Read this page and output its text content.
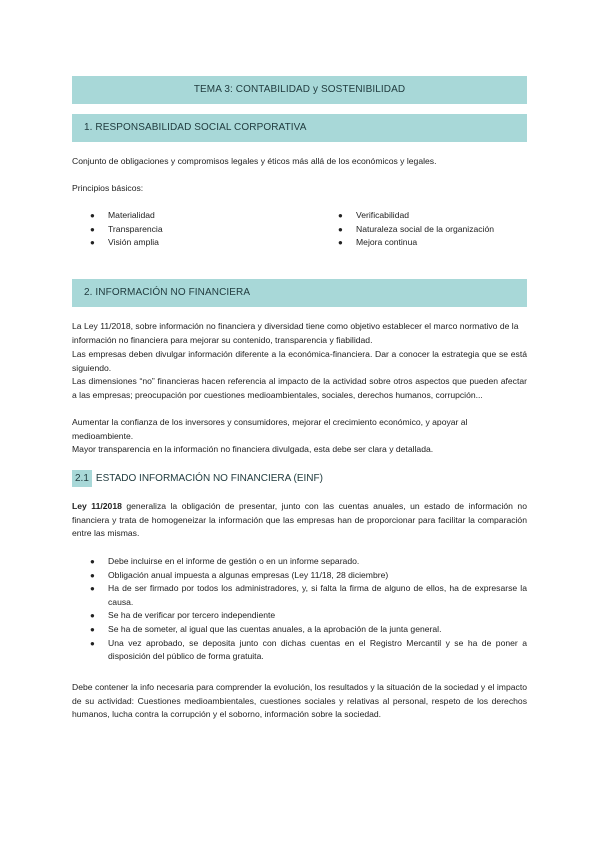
TEMA 3: CONTABILIDAD y SOSTENIBILIDAD
1. RESPONSABILIDAD SOCIAL CORPORATIVA

Conjunto de obligaciones y compromisos legales y éticos más allá de los económicos y legales.

Principios básicos:

● Materialidad
● Transparencia
● Visión amplia
● Verificabilidad
● Naturaleza social de la organización
● Mejora continua
2. INFORMACIÓN NO FINANCIERA

La Ley 11/2018, sobre información no financiera y diversidad tiene como objetivo establecer el marco normativo de la información no financiera para mejorar su contenido, transparencia y fiabilidad.

Las empresas deben divulgar información diferente a la económica-financiera. Dar a conocer la estrategia que se está siguiendo.

Las dimensiones “no” financieras hacen referencia al impacto de la actividad sobre otros aspectos que pueden afectar a las empresas; preocupación por cuestiones medioambientales, sociales, derechos humanos, corrupción...

Aumentar la confianza de los inversores y consumidores, mejorar el crecimiento económico, y apoyar al medioambiente.

Mayor transparencia en la información no financiera divulgada, esta debe ser clara y detallada.

2.1 ESTADO INFORMACIÓN NO FINANCIERA (EINF)

Ley 11/2018 generaliza la obligación de presentar, junto con las cuentas anuales, un estado de información no financiera y trata de homogeneizar la información que las empresas han de proporcionar para facilitar la comparación entre las mismas.

● Debe incluirse en el informe de gestión o en un informe separado.
● Obligación anual impuesta a algunas empresas (Ley 11/18, 28 diciembre)
● Ha de ser firmado por todos los administradores, y, si falta la firma de alguno de ellos, ha de expresarse la causa.
● Se ha de verificar por tercero independiente
● Se ha de someter, al igual que las cuentas anuales, a la aprobación de la junta general.
● Una vez aprobado, se deposita junto con dichas cuentas en el Registro Mercantil y se ha de poner a disposición del público de forma gratuita.

Debe contener la info necesaria para comprender la evolución, los resultados y la situación de la sociedad y el impacto de su actividad: Cuestiones medioambientales, cuestiones sociales y relativas al personal, respeto de los derechos humanos, lucha contra la corrupción y el soborno, información sobre la sociedad.
